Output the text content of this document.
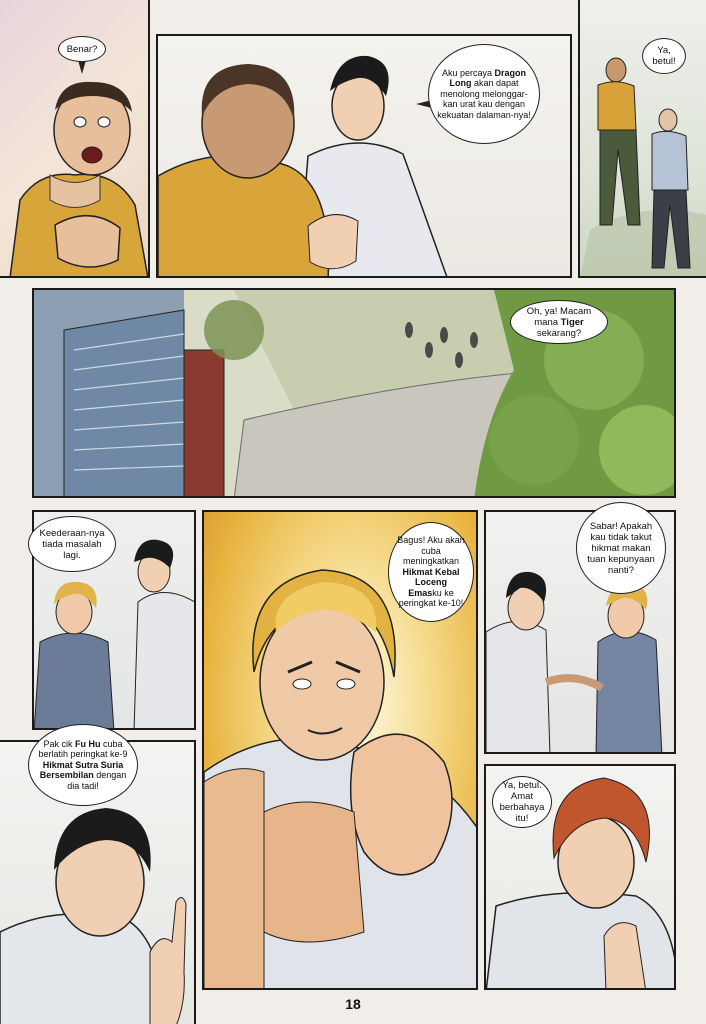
Benar?
Aku percaya Dragon Long akan dapat menolong melonggar-kan urat kau dengan kekuatan dalaman-nya!
Ya, betul!
Oh, ya! Macam mana Tiger sekarang?
Keederaan-nya tiada masalah lagi.
Bagus! Aku akan cuba meningkatkan Hikmat Kebal Loceng Emasku ke peringkat ke-10!
Sabar! Apakah kau tidak takut hikmat makan tuan kepunyaan nanti?
Pak cik Fu Hu cuba berlatih peringkat ke-9 Hikmat Sutra Suria Bersembilan dengan dia tadi!	Ya, betul. Amat berbahaya itu!
18
